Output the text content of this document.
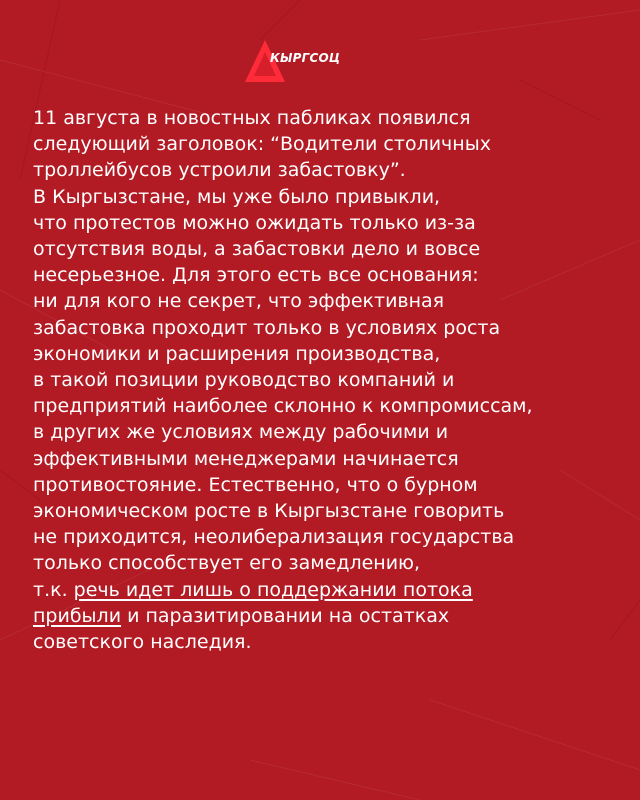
КЫРГСОЦ
11 августа в новостных пабликах появился
следующий заголовок: “Водители столичных
троллейбусов устроили забастовку”.
В Кыргызстане, мы уже было привыкли,
что протестов можно ожидать только из-за
отсутствия воды, а забастовки дело и вовсе
несерьезное. Для этого есть все основания:
ни для кого не секрет, что эффективная
забастовка проходит только в условиях роста
экономики и расширения производства,
в такой позиции руководство компаний и
предприятий наиболее склонно к компромиссам,
в других же условиях между рабочими и
эффективными менеджерами начинается
противостояние. Естественно, что о бурном
экономическом росте в Кыргызстане говорить
не приходится, неолиберализация государства
только способствует его замедлению,
т.к. речь идет лишь о поддержании потока
прибыли и паразитировании на остатках
советского наследия.
